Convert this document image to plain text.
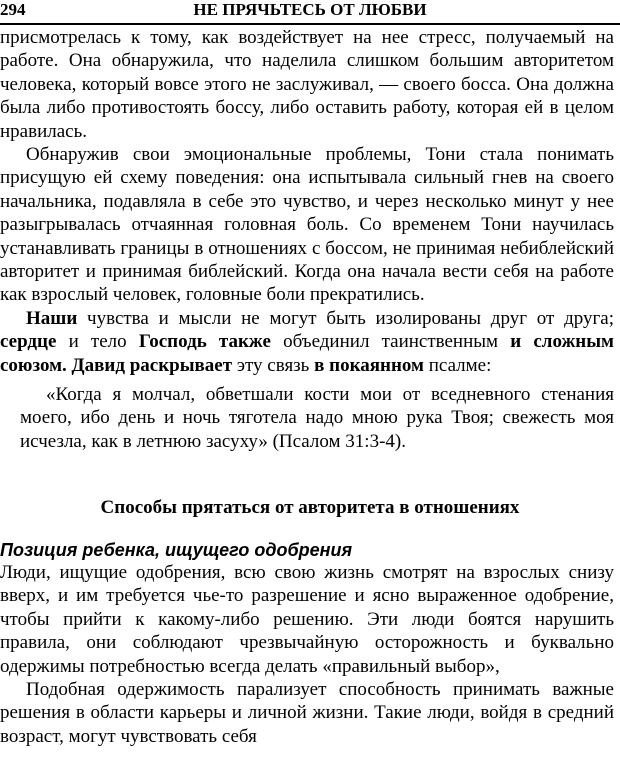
294	НЕ ПРЯЧЬТЕСЬ ОТ ЛЮБВИ

присмотрелась к тому, как воздействует на нее стресс, получаемый на работе. Она обнаружила, что наделила слишком большим авторитетом человека, который вовсе этого не заслуживал, — своего босса. Она должна была либо противостоять боссу, либо оставить работу, которая ей в целом нравилась.

Обнаружив свои эмоциональные проблемы, Тони стала понимать присущую ей схему поведения: она испытывала сильный гнев на своего начальника, подавляла в себе это чувство, и через несколько минут у нее разыгрывалась отчаянная головная боль. Со временем Тони научилась устанавливать границы в отношениях с боссом, не принимая небиблейский авторитет и принимая библейский. Когда она начала вести себя на работе как взрослый человек, головные боли прекратились.

Наши чувства и мысли не могут быть изолированы друг от друга; сердце и тело Господь также объединил таинственным и сложным союзом. Давид раскрывает эту связь в покаянном псалме:

«Когда я молчал, обветшали кости мои от вседневного стенания моего, ибо день и ночь тяготела надо мною рука Твоя; свежесть моя исчезла, как в летнюю засуху» (Псалом 31:3-4).

Способы прятаться от авторитета в отношениях
Позиция ребенка, ищущего одобрения

Люди, ищущие одобрения, всю свою жизнь смотрят на взрослых снизу вверх, и им требуется чье-то разрешение и ясно выраженное одобрение, чтобы прийти к какому-либо решению. Эти люди боятся нарушить правила, они соблюдают чрезвычайную осторожность и буквально одержимы потребностью всегда делать «правильный выбор»,

Подобная одержимость парализует способность принимать важные решения в области карьеры и личной жизни. Такие люди, войдя в средний возраст, могут чувствовать себя
